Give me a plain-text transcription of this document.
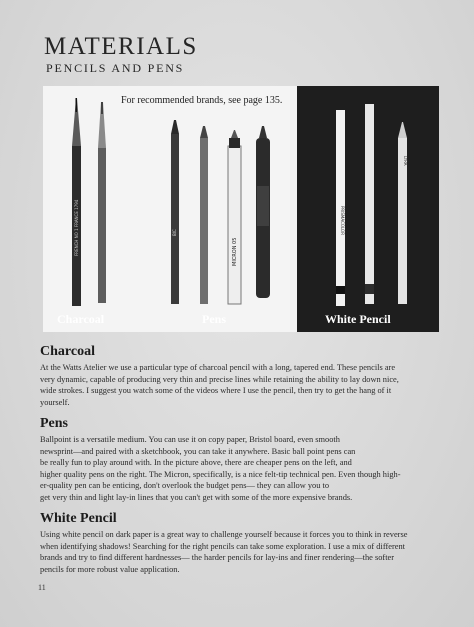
MATERIALS
PENCILS AND PENS
FRENCH NO 1 FRANCE 1794	BIC
MICRON 05
PRISMACOLOR
LYRA
For recommended brands, see page 135.
Charcoal	Pens	White Pencil
Charcoal
At the Watts Atelier we use a particular type of charcoal pencil with a long, tapered end. These pencils are
very dynamic, capable of producing very thin and precise lines while retaining the ability to lay down nice,
wide strokes. I suggest you watch some of the videos where I use the pencil, then try to get the hang of it
yourself.
Pens
Ballpoint is a versatile medium. You can use it on copy paper, Bristol board, even smooth
newsprint—and paired with a sketchbook, you can take it anywhere. Basic ball point pens can
be really fun to play around with. In the picture above, there are cheaper pens on the left, and
higher quality pens on the right. The Micron, specifically, is a nice felt-tip technical pen. Even though high-
er-quality pen can be enticing, don't overlook the budget pens— they can allow you to
get very thin and light lay-in lines that you can't get with some of the more expensive brands.
White Pencil
Using white pencil on dark paper is a great way to challenge yourself because it forces you to think in reverse
when identifying shadows! Searching for the right pencils can take some exploration. I use a mix of different
brands and try to find different hardnesses— the harder pencils for lay-ins and finer rendering—the softer
pencils for more robust value application.
11
